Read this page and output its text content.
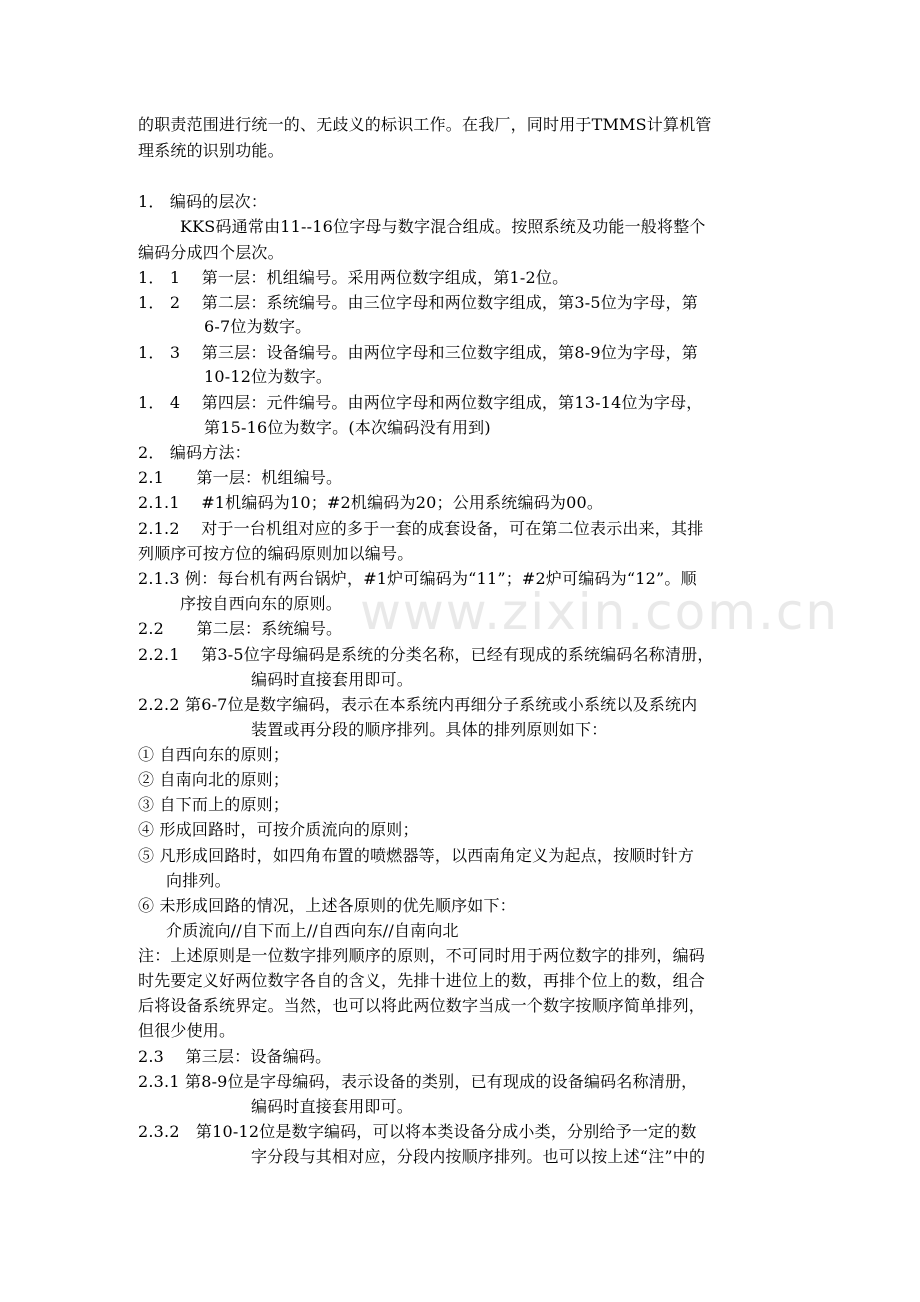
www.zixin.com.cn
的职责范围进行统一的、无歧义的标识工作。在我厂，同时用于TMMS计算机管
理系统的识别功能。
1． 编码的层次：
KKS码通常由11--16位字母与数字混合组成。按照系统及功能一般将整个
编码分成四个层次。
1． 1　 第一层：机组编号。采用两位数字组成，第1-2位。
1． 2　 第二层：系统编号。由三位字母和两位数字组成，第3-5位为字母，第
6-7位为数字。
1． 3　 第三层：设备编号。由两位字母和三位数字组成，第8-9位为字母，第
10-12位为数字。
1． 4　 第四层：元件编号。由两位字母和两位数字组成，第13-14位为字母，
第15-16位为数字。(本次编码没有用到)
2． 编码方法：
2.1　　第一层：机组编号。
2.1.1　 #1机编码为10；#2机编码为20；公用系统编码为00。
2.1.2　 对于一台机组对应的多于一套的成套设备，可在第二位表示出来，其排
列顺序可按方位的编码原则加以编号。
2.1.3 例：每台机有两台锅炉，#1炉可编码为“11”；#2炉可编码为“12”。顺
序按自西向东的原则。
2.2　　第二层：系统编号。
2.2.1　 第3-5位字母编码是系统的分类名称，已经有现成的系统编码名称清册，
编码时直接套用即可。
2.2.2 第6-7位是数字编码，表示在本系统内再细分子系统或小系统以及系统内
装置或再分段的顺序排列。具体的排列原则如下：
① 自西向东的原则；
② 自南向北的原则；
③ 自下而上的原则；
④ 形成回路时，可按介质流向的原则；
⑤ 凡形成回路时，如四角布置的喷燃器等，以西南角定义为起点，按顺时针方
向排列。
⑥ 未形成回路的情况，上述各原则的优先顺序如下：
介质流向//自下而上//自西向东//自南向北
注：上述原则是一位数字排列顺序的原则，不可同时用于两位数字的排列，编码
时先要定义好两位数字各自的含义，先排十进位上的数，再排个位上的数，组合
后将设备系统界定。当然，也可以将此两位数字当成一个数字按顺序简单排列，
但很少使用。
2.3　 第三层：设备编码。
2.3.1 第8-9位是字母编码，表示设备的类别，已有现成的设备编码名称清册，
编码时直接套用即可。
2.3.2　第10-12位是数字编码，可以将本类设备分成小类，分别给予一定的数
字分段与其相对应，分段内按顺序排列。也可以按上述“注”中的
